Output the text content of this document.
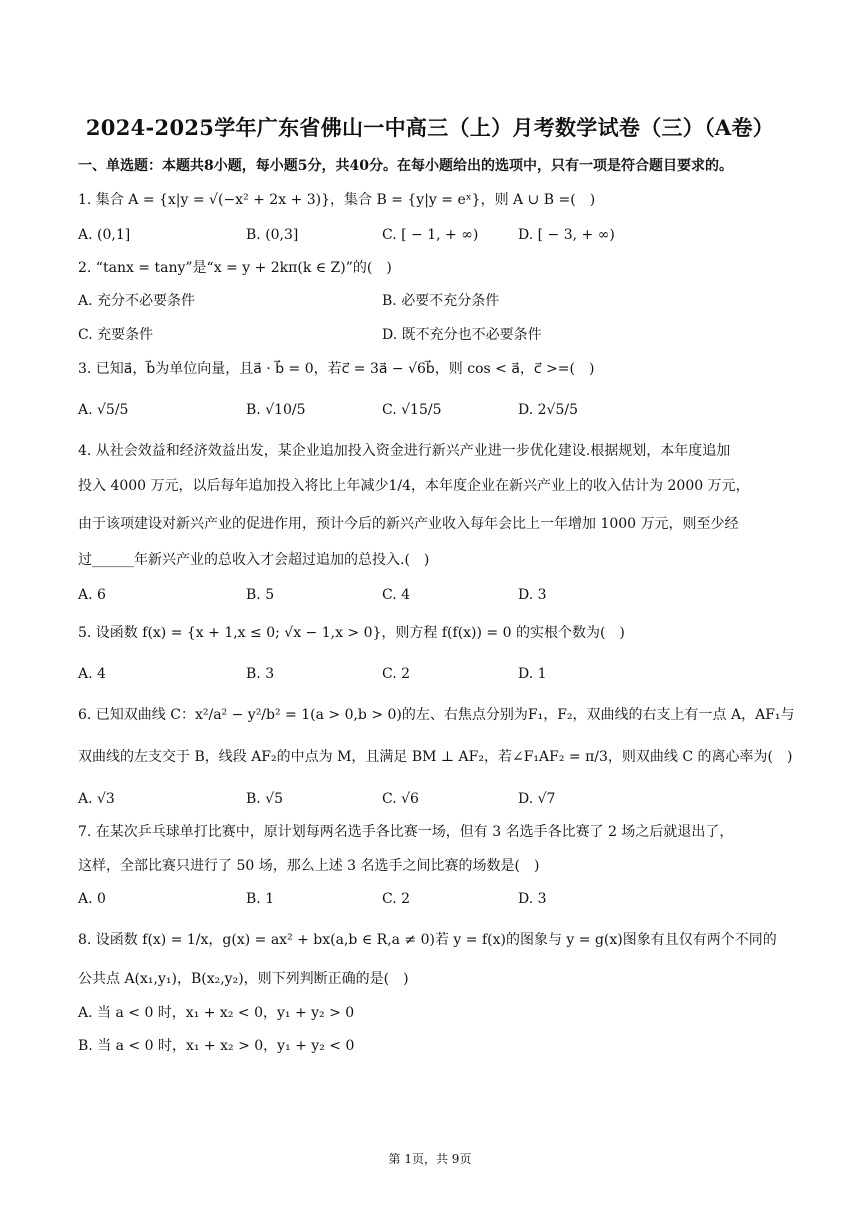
2024-2025学年广东省佛山一中高三（上）月考数学试卷（三）（A卷）
一、单选题：本题共8小题，每小题5分，共40分。在每小题给出的选项中，只有一项是符合题目要求的。
1. 集合 A = {x|y = √(−x² + 2x + 3)}，集合 B = {y|y = eˣ}，则 A ∪ B =(　)
A. (0,1]	B. (0,3]	C. [ − 1, + ∞)	D. [ − 3, + ∞)
2. “tanx = tany”是“x = y + 2kπ(k ∈ Z)”的(　)
A. 充分不必要条件	B. 必要不充分条件
C. 充要条件	D. 既不充分也不必要条件
3. 已知a⃗，b⃗为单位向量，且a⃗ · b⃗ = 0，若c⃗ = 3a⃗ − √6b⃗，则 cos < a⃗，c⃗ >=(　)
A. √5/5	B. √10/5	C. √15/5	D. 2√5/5
4. 从社会效益和经济效益出发，某企业追加投入资金进行新兴产业进一步优化建设.根据规划，本年度追加
投入 4000 万元，以后每年追加投入将比上年减少1/4，本年度企业在新兴产业上的收入估计为 2000 万元，
由于该项建设对新兴产业的促进作用，预计今后的新兴产业收入每年会比上一年增加 1000 万元，则至少经
过______年新兴产业的总收入才会超过追加的总投入.(　)
A. 6	B. 5	C. 4	D. 3
5. 设函数 f(x) = {x + 1,x ≤ 0; √x − 1,x > 0}，则方程 f(f(x)) = 0 的实根个数为(　)
A. 4	B. 3	C. 2	D. 1
6. 已知双曲线 C：x²/a² − y²/b² = 1(a > 0,b > 0)的左、右焦点分别为F₁，F₂，双曲线的右支上有一点 A，AF₁与
双曲线的左支交于 B，线段 AF₂的中点为 M，且满足 BM ⊥ AF₂，若∠F₁AF₂ = π/3，则双曲线 C 的离心率为(　)
A. √3	B. √5	C. √6	D. √7
7. 在某次乒乓球单打比赛中，原计划每两名选手各比赛一场，但有 3 名选手各比赛了 2 场之后就退出了，
这样，全部比赛只进行了 50 场，那么上述 3 名选手之间比赛的场数是(　)
A. 0	B. 1	C. 2	D. 3
8. 设函数 f(x) = 1/x，g(x) = ax² + bx(a,b ∈ R,a ≠ 0)若 y = f(x)的图象与 y = g(x)图象有且仅有两个不同的
公共点 A(x₁,y₁)，B(x₂,y₂)，则下列判断正确的是(　)
A. 当 a < 0 时，x₁ + x₂ < 0，y₁ + y₂ > 0
B. 当 a < 0 时，x₁ + x₂ > 0，y₁ + y₂ < 0
第 1页，共 9页
